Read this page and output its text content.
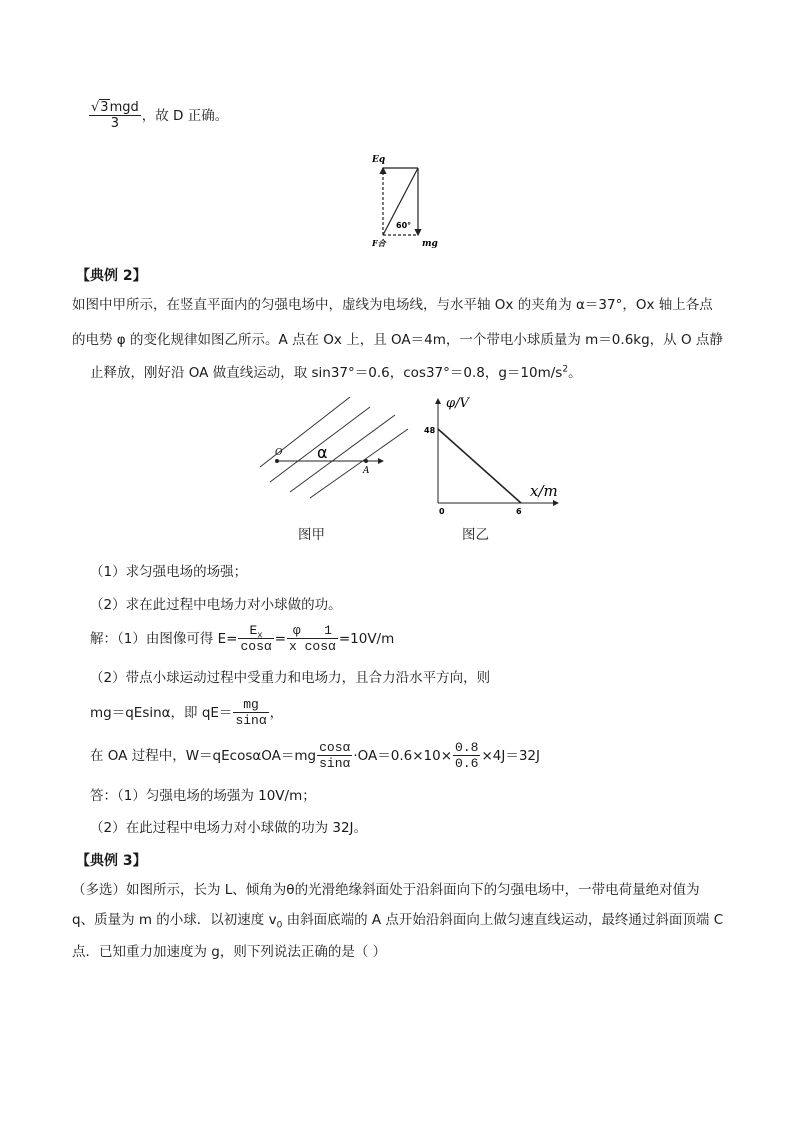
$\frac{\text{√3mgd}}{3}$ ，故 D 正确。
Eq
60°
F合	mg
【典例 2】
如图中甲所示，在竖直平面内的匀强电场中，虚线为电场线，与水平轴 Ox 的夹角为 α＝37°，Ox 轴上各点
的电势 φ 的变化规律如图乙所示。A 点在 Ox 上，且 OA＝4m，一个带电小球质量为 m＝0.6kg，从 O 点静
止释放，刚好沿 OA 做直线运动，取 sin37°＝0.6，cos37°＝0.8，$g=10m/s^2$。
O α
A
图甲
φ/V
48
x/m
0	6
图乙
（1）求匀强电场的场强；
（2）求在此过程中电场力对小球做的功。
解：（1）由图像可得 $E= \frac{E_x}{\cos\alpha} = \frac{\varphi 1}{\text{x cosα}} =10V/m$
（2）带点小球运动过程中受重力和电场力，且合力沿水平方向，则
mg＝qEsinα，即 $qE= \frac{mg}{\sin\alpha}$ ，
在 OA 过程中，$W=qEcos\alpha OA=mg \frac{\cos\alpha}{\sin\alpha} \cdot OA=0.6\times 10\times \frac{0.8}{0.6} \times 4J=32J$
答：（1）匀强电场的场强为 10V/m；
（2）在此过程中电场力对小球做的功为 32J。
【典例 3】
（多选）如图所示，长为 L、倾角为θ的光滑绝缘斜面处于沿斜面向下的匀强电场中，一带电荷量绝对值为
q、质量为 m 的小球．以初速度 $v_0$ 由斜面底端的 A 点开始沿斜面向上做匀速直线运动，最终通过斜面顶端 C
点．已知重力加速度为 g，则下列说法正确的是（ ）
